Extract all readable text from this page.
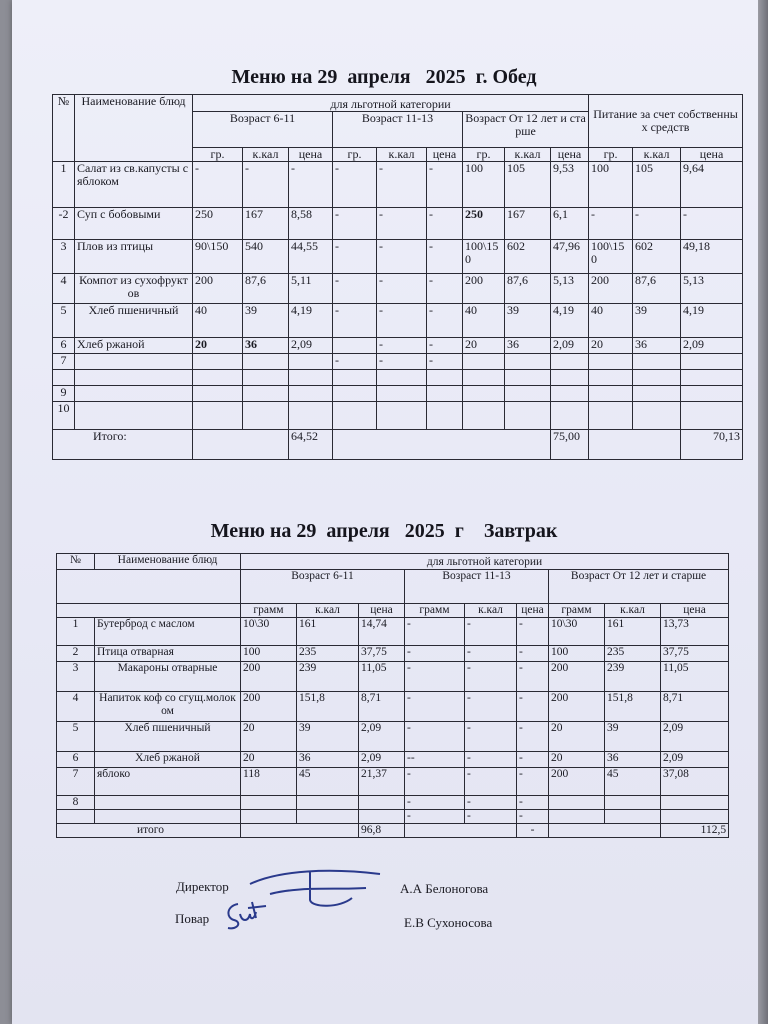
Меню на 29  апреля   2025  г. Обед
№	Наименование блюд	для льготной категории									Питание за счет собственных средств		
		Возраст 6-11			Возраст 11-13			Возраст От 12 лет и старше					
		гр.	к.кал	цена	гр.	к.кал	цена	гр.	к.кал	цена	гр.	к.кал	цена
1	Салат из св.капусты с яблоком	-	-	-	-	-	-	100	105	9,53	100	105	9,64
-2	Суп с бобовыми	250	167	8,58	-	-	-	250	167	6,1	-	-	-
3	Плов из птицы	90\150	540	44,55	-	-	-	100\150	602	47,96	100\150	602	49,18
4	Компот из сухофруктов	200	87,6	5,11	-	-	-	200	87,6	5,13	200	87,6	5,13
5	Хлеб пшеничный	40	39	4,19	-	-	-	40	39	4,19	40	39	4,19
6	Хлеб ржаной	20	36	2,09		-	-	20	36	2,09	20	36	2,09
7					-	-	-						

9													
10													
Итого:				64,52						75,00			70,13
Меню на 29  апреля   2025  г    Завтрак
№	Наименование блюд	для льготной категории								
		Возраст 6-11			Возраст 11-13			Возраст От 12 лет и старше		
		грамм	к.кал	цена	грамм	к.кал	цена	грамм	к.кал	цена
1	Бутерброд с маслом	10\30	161	14,74	-	-	-	10\30	161	13,73
2	Птица отварная	100	235	37,75	-	-	-	100	235	37,75
3	Макароны отварные	200	239	11,05	-	-	-	200	239	11,05
4	Напиток коф со сгущ.молоком	200	151,8	8,71	-	-	-	200	151,8	8,71
5	Хлеб пшеничный	20	39	2,09	-	-	-	20	39	2,09
6	Хлеб ржаной	20	36	2,09	--	-	-	20	36	2,09
7	яблоко	118	45	21,37	-	-	-	200	45	37,08
8					-	-	-			
					-	-	-			
итого				96,8			-			112,5
Директор	А.А Белоногова
Повар	Е.В Сухоносова
